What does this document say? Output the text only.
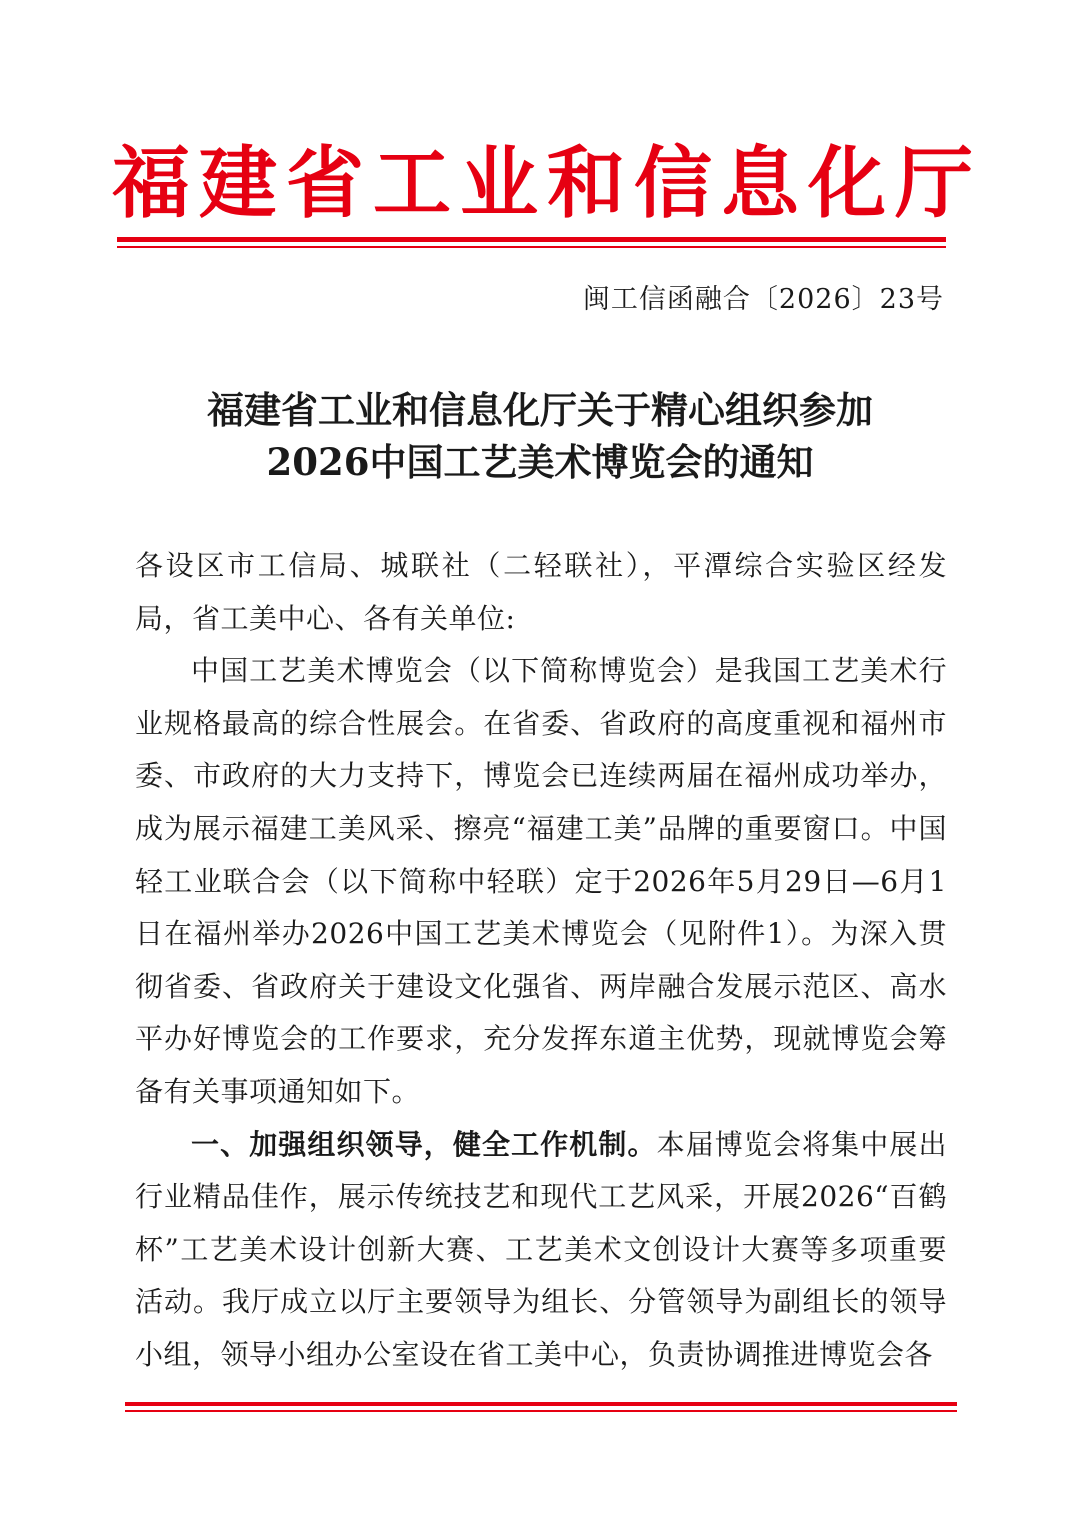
福建省工业和信息化厅
闽工信函融合〔2026〕23号
福建省工业和信息化厅关于精心组织参加
2026中国工艺美术博览会的通知

各设区市工信局、城联社（二轻联社），平潭综合实验区经发局，省工美中心、各有关单位:

中国工艺美术博览会（以下简称博览会）是我国工艺美术行业规格最高的综合性展会。在省委、省政府的高度重视和福州市委、市政府的大力支持下，博览会已连续两届在福州成功举办，成为展示福建工美风采、擦亮“福建工美”品牌的重要窗口。中国轻工业联合会（以下简称中轻联）定于2026年5月29日—6月1日在福州举办2026中国工艺美术博览会（见附件1）。为深入贯彻省委、省政府关于建设文化强省、两岸融合发展示范区、高水平办好博览会的工作要求，充分发挥东道主优势，现就博览会筹备有关事项通知如下。

一、加强组织领导，健全工作机制。本届博览会将集中展出行业精品佳作，展示传统技艺和现代工艺风采，开展2026“百鹤杯”工艺美术设计创新大赛、工艺美术文创设计大赛等多项重要活动。我厅成立以厅主要领导为组长、分管领导为副组长的领导小组，领导小组办公室设在省工美中心，负责协调推进博览会各
